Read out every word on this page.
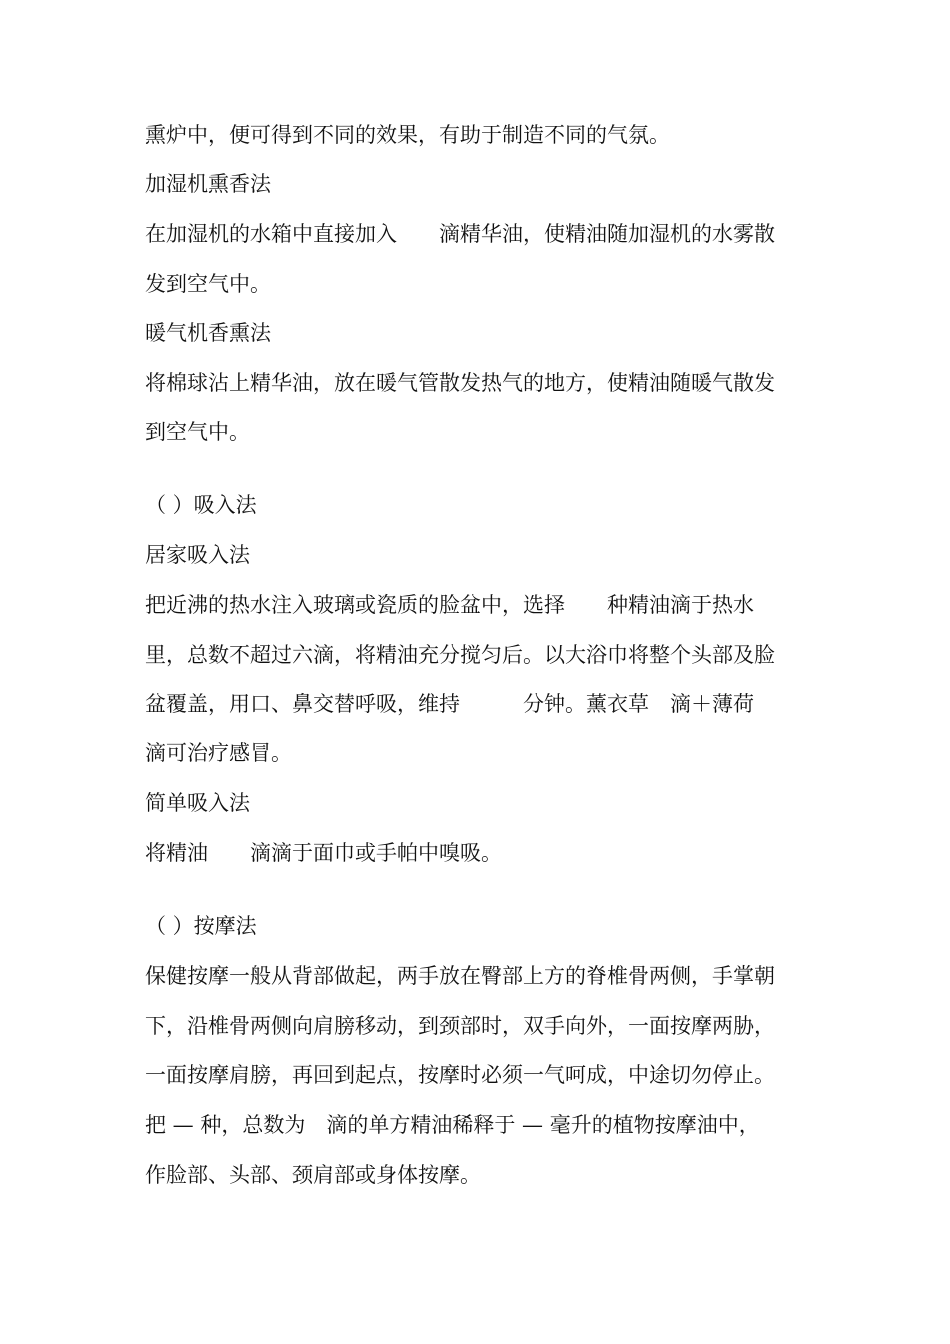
熏炉中，便可得到不同的效果，有助于制造不同的气氛。

加湿机熏香法

在加湿机的水箱中直接加入　　滴精华油，使精油随加湿机的水雾散

发到空气中。

暖气机香熏法

将棉球沾上精华油，放在暖气管散发热气的地方，使精油随暖气散发

到空气中。

（ ）吸入法

居家吸入法

把近沸的热水注入玻璃或瓷质的脸盆中，选择　　种精油滴于热水

里，总数不超过六滴，将精油充分搅匀后。以大浴巾将整个头部及脸

盆覆盖，用口、鼻交替呼吸，维持　　　分钟。薰衣草　滴＋薄荷

滴可治疗感冒。

简单吸入法

将精油　　滴滴于面巾或手帕中嗅吸。

（ ）按摩法

保健按摩一般从背部做起，两手放在臀部上方的脊椎骨两侧，手掌朝

下，沿椎骨两侧向肩膀移动，到颈部时，双手向外，一面按摩两胁，

一面按摩肩膀，再回到起点，按摩时必须一气呵成，中途切勿停止。

把 — 种，总数为　滴的单方精油稀释于 — 毫升的植物按摩油中，

作脸部、头部、颈肩部或身体按摩。
